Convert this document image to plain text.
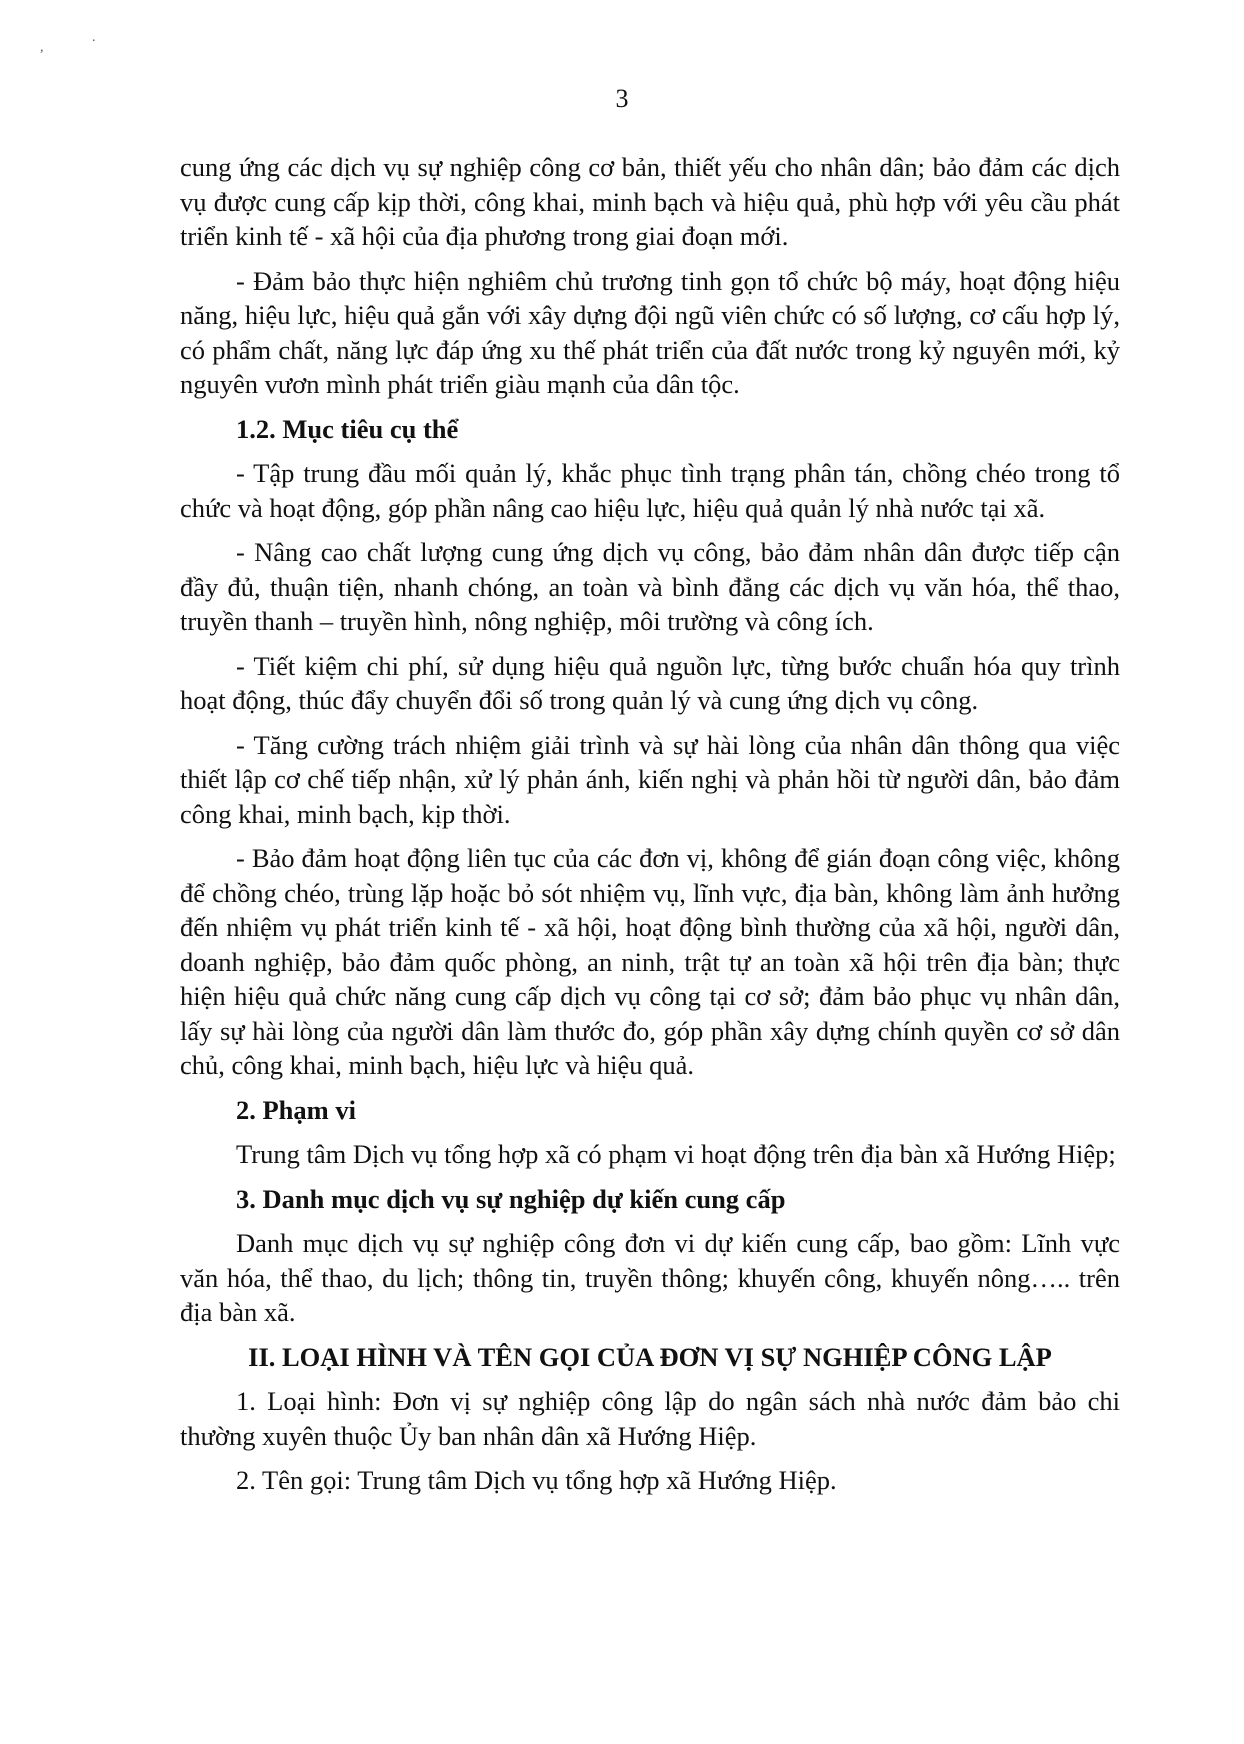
,
.
3

cung ứng các dịch vụ sự nghiệp công cơ bản, thiết yếu cho nhân dân; bảo đảm các dịch vụ được cung cấp kịp thời, công khai, minh bạch và hiệu quả, phù hợp với yêu cầu phát triển kinh tế - xã hội của địa phương trong giai đoạn mới.

- Đảm bảo thực hiện nghiêm chủ trương tinh gọn tổ chức bộ máy, hoạt động hiệu năng, hiệu lực, hiệu quả gắn với xây dựng đội ngũ viên chức có số lượng, cơ cấu hợp lý, có phẩm chất, năng lực đáp ứng xu thế phát triển của đất nước trong kỷ nguyên mới, kỷ nguyên vươn mình phát triển giàu mạnh của dân tộc.

1.2. Mục tiêu cụ thể

- Tập trung đầu mối quản lý, khắc phục tình trạng phân tán, chồng chéo trong tổ chức và hoạt động, góp phần nâng cao hiệu lực, hiệu quả quản lý nhà nước tại xã.

- Nâng cao chất lượng cung ứng dịch vụ công, bảo đảm nhân dân được tiếp cận đầy đủ, thuận tiện, nhanh chóng, an toàn và bình đẳng các dịch vụ văn hóa, thể thao, truyền thanh – truyền hình, nông nghiệp, môi trường và công ích.

- Tiết kiệm chi phí, sử dụng hiệu quả nguồn lực, từng bước chuẩn hóa quy trình hoạt động, thúc đẩy chuyển đổi số trong quản lý và cung ứng dịch vụ công.

- Tăng cường trách nhiệm giải trình và sự hài lòng của nhân dân thông qua việc thiết lập cơ chế tiếp nhận, xử lý phản ánh, kiến nghị và phản hồi từ người dân, bảo đảm công khai, minh bạch, kịp thời.

- Bảo đảm hoạt động liên tục của các đơn vị, không để gián đoạn công việc, không để chồng chéo, trùng lặp hoặc bỏ sót nhiệm vụ, lĩnh vực, địa bàn, không làm ảnh hưởng đến nhiệm vụ phát triển kinh tế - xã hội, hoạt động bình thường của xã hội, người dân, doanh nghiệp, bảo đảm quốc phòng, an ninh, trật tự an toàn xã hội trên địa bàn; thực hiện hiệu quả chức năng cung cấp dịch vụ công tại cơ sở; đảm bảo phục vụ nhân dân, lấy sự hài lòng của người dân làm thước đo, góp phần xây dựng chính quyền cơ sở dân chủ, công khai, minh bạch, hiệu lực và hiệu quả.

2. Phạm vi

Trung tâm Dịch vụ tổng hợp xã có phạm vi hoạt động trên địa bàn xã Hướng Hiệp;

3. Danh mục dịch vụ sự nghiệp dự kiến cung cấp

Danh mục dịch vụ sự nghiệp công đơn vi dự kiến cung cấp, bao gồm: Lĩnh vực văn hóa, thể thao, du lịch; thông tin, truyền thông; khuyến công, khuyến nông….. trên địa bàn xã.

II. LOẠI HÌNH VÀ TÊN GỌI CỦA ĐƠN VỊ SỰ NGHIỆP CÔNG LẬP

1. Loại hình: Đơn vị sự nghiệp công lập do ngân sách nhà nước đảm bảo chi thường xuyên thuộc Ủy ban nhân dân xã Hướng Hiệp.

2. Tên gọi: Trung tâm Dịch vụ tổng hợp xã Hướng Hiệp.
